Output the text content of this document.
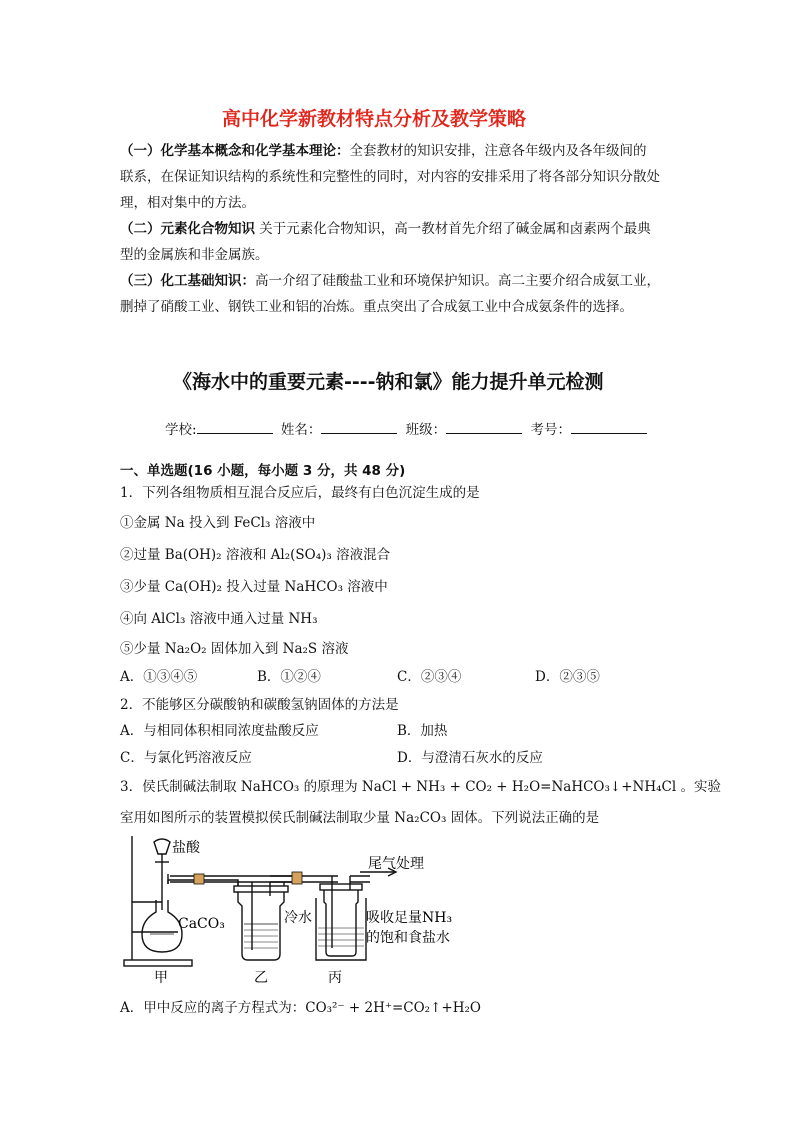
高中化学新教材特点分析及教学策略
（一）化学基本概念和化学基本理论：全套教材的知识安排，注意各年级内及各年级间的
联系，在保证知识结构的系统性和完整性的同时，对内容的安排采用了将各部分知识分散处
理，相对集中的方法。
（二）元素化合物知识 关于元素化合物知识，高一教材首先介绍了碱金属和卤素两个最典
型的金属族和非金属族。
（三）化工基础知识：高一介绍了硅酸盐工业和环境保护知识。高二主要介绍合成氨工业，
删掉了硝酸工业、钢铁工业和铝的冶炼。重点突出了合成氨工业中合成氨条件的选择。
《海水中的重要元素----钠和氯》能力提升单元检测
学校:	姓名：	班级：	考号：
一、单选题(16 小题，每小题 3 分，共 48 分)
1．下列各组物质相互混合反应后，最终有白色沉淀生成的是
①金属 Na 投入到 FeCl₃ 溶液中
②过量 Ba(OH)₂ 溶液和 Al₂(SO₄)₃ 溶液混合
③少量 Ca(OH)₂ 投入过量 NaHCO₃ 溶液中
④向 AlCl₃ 溶液中通入过量 NH₃
⑤少量 Na₂O₂ 固体加入到 Na₂S 溶液
A．①③④⑤	B．①②④	C．②③④	D．②③⑤
2．不能够区分碳酸钠和碳酸氢钠固体的方法是
A．与相同体积相同浓度盐酸反应	B．加热
C．与氯化钙溶液反应	D．与澄清石灰水的反应
3．侯氏制碱法制取 NaHCO₃ 的原理为 NaCl + NH₃ + CO₂ + H₂O=NaHCO₃↓+NH₄Cl 。实验
室用如图所示的装置模拟侯氏制碱法制取少量 Na₂CO₃ 固体。下列说法正确的是
盐酸
CaCO₃
尾气处理
冷水	吸收足量NH₃
的饱和食盐水
甲	乙	丙
A．甲中反应的离子方程式为：CO₃²⁻ + 2H⁺=CO₂↑+H₂O
